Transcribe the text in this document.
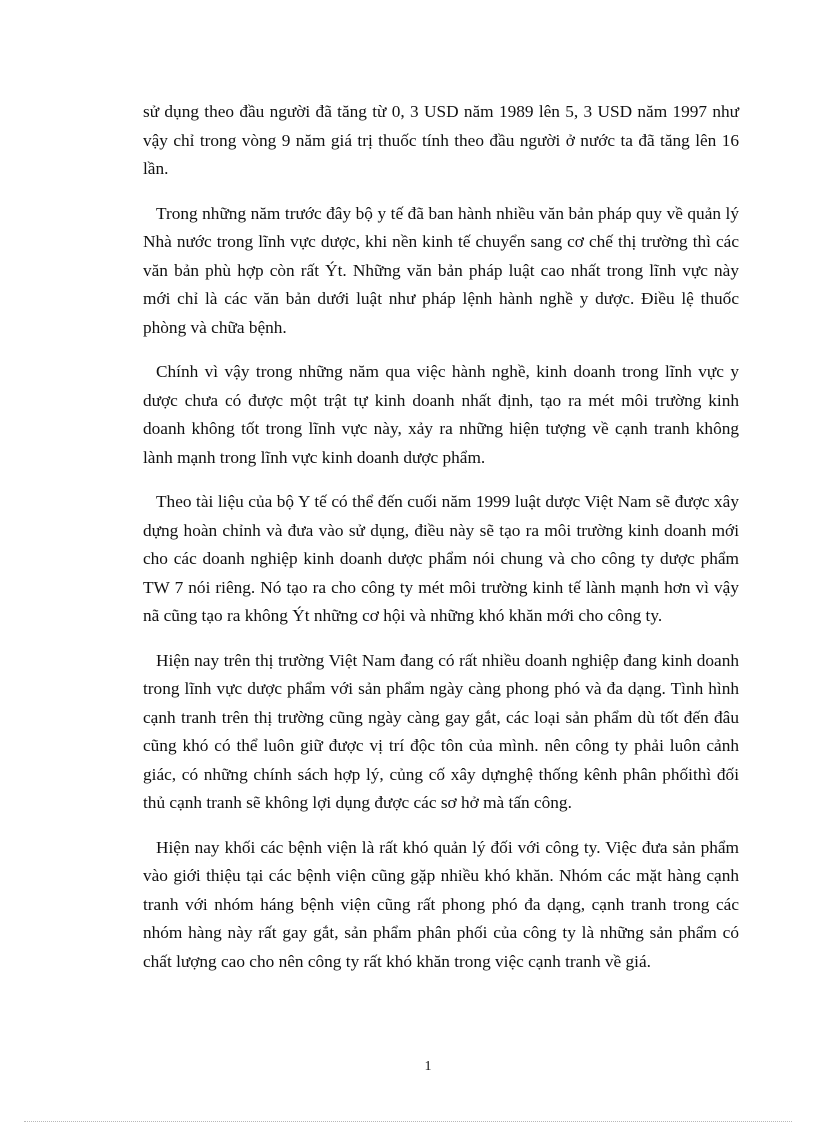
sử dụng theo đầu người đã tăng từ 0, 3 USD năm 1989 lên 5, 3 USD năm 1997 như vậy chỉ trong vòng 9 năm giá trị thuốc tính theo đầu người ở nước ta đã tăng lên 16 lần.

Trong những năm trước đây bộ y tế đã ban hành nhiều văn bản pháp quy về quản lý Nhà nước trong lĩnh vực dược, khi nền kinh tế chuyển sang cơ chế thị trường thì các văn bản phù hợp còn rất Ýt. Những văn bản pháp luật cao nhất trong lĩnh vực này mới chỉ là các văn bản dưới luật như pháp lệnh hành nghề y dược. Điều lệ thuốc phòng và chữa bệnh.

Chính vì vậy trong những năm qua việc hành nghề, kinh doanh trong lĩnh vực y dược chưa có được một trật tự kinh doanh nhất định, tạo ra mét môi trường kinh doanh không tốt trong lĩnh vực này, xảy ra những hiện tượng về cạnh tranh không lành mạnh trong lĩnh vực kinh doanh dược phẩm.

Theo tài liệu của bộ Y tế có thể đến cuối năm 1999 luật dược Việt Nam sẽ được xây dựng hoàn chỉnh và đưa vào sử dụng, điều này sẽ tạo ra môi trường kinh doanh mới cho các doanh nghiệp kinh doanh dược phẩm nói chung và cho công ty dược phẩm TW 7 nói riêng. Nó tạo ra cho công ty mét môi trường kinh tế lành mạnh hơn vì vậy nã cũng tạo ra không Ýt những cơ hội và những khó khăn mới cho công ty.

Hiện nay trên thị trường Việt Nam đang có rất nhiều doanh nghiệp đang kinh doanh trong lĩnh vực dược phẩm với sản phẩm ngày càng phong phó và đa dạng. Tình hình cạnh tranh trên thị trường cũng ngày càng gay gắt, các loại sản phẩm dù tốt đến đâu cũng khó có thể luôn giữ được vị trí độc tôn của mình. nên công ty phải luôn cảnh giác, có những chính sách hợp lý, củng cố xây dựnghệ thống kênh phân phốithì đối thủ cạnh tranh sẽ không lợi dụng được các sơ hở mà tấn công.

Hiện nay khối các bệnh viện là rất khó quản lý đối với công ty. Việc đưa sản phẩm vào giới thiệu tại các bệnh viện cũng gặp nhiều khó khăn. Nhóm các mặt hàng cạnh tranh với nhóm háng bệnh viện cũng rất phong phó đa dạng, cạnh tranh trong các nhóm hàng này rất gay gắt, sản phẩm phân phối của công ty là những sản phẩm có chất lượng cao cho nên công ty rất khó khăn trong việc cạnh tranh về giá.

1
